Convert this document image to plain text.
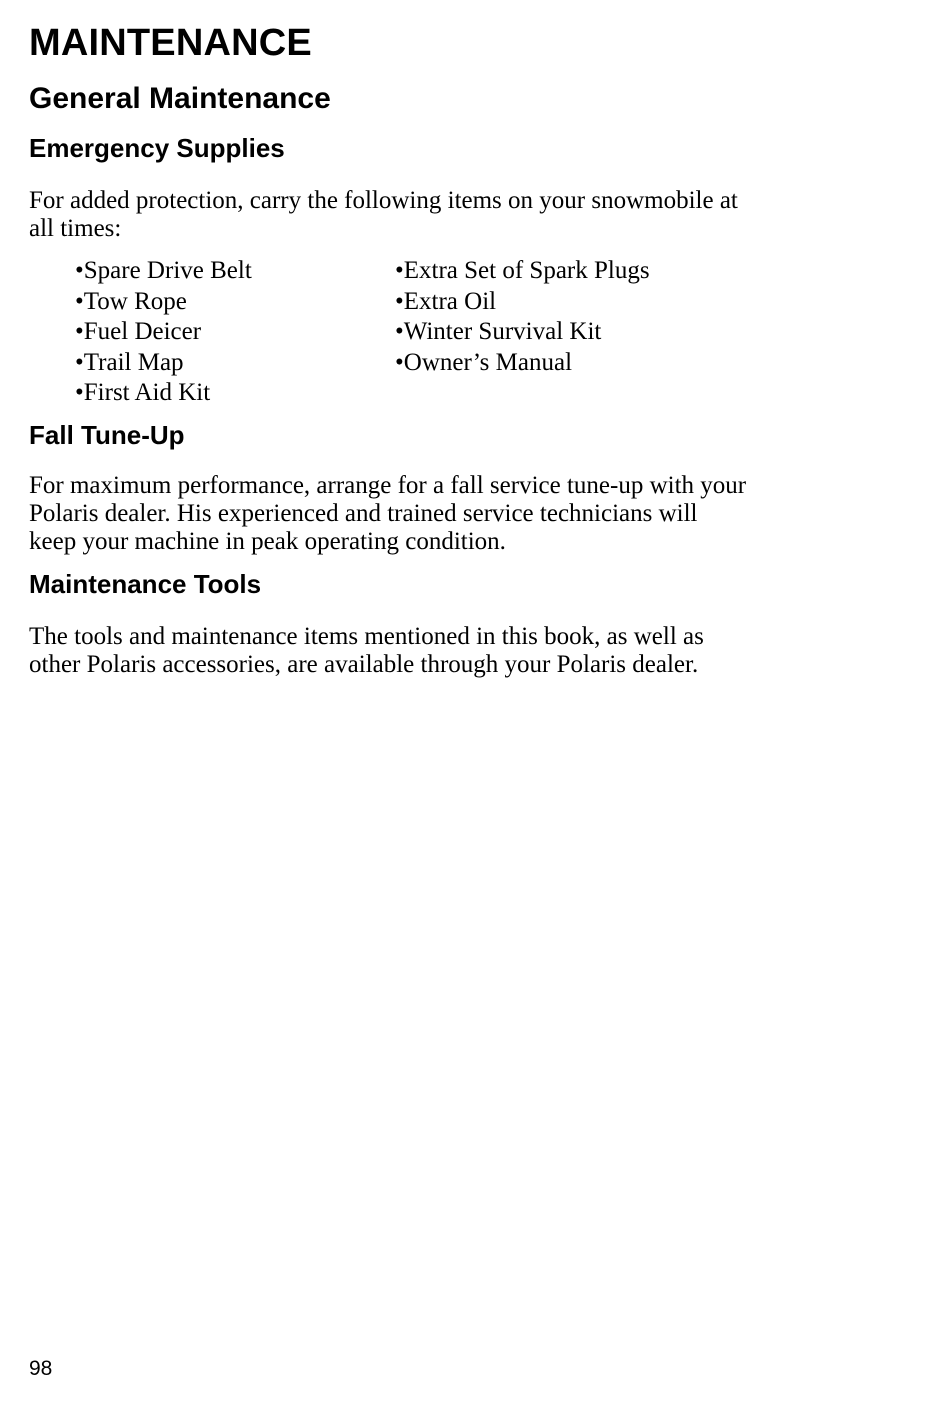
MAINTENANCE
General Maintenance
Emergency Supplies

For added protection, carry the following items on your snowmobile at
all times:

•Spare Drive Belt
•Tow Rope
•Fuel Deicer
•Trail Map
•First Aid Kit
•Extra Set of Spark Plugs
•Extra Oil
•Winter Survival Kit
•Owner’s Manual
Fall Tune-Up

For maximum performance, arrange for a fall service tune-up with your
Polaris dealer. His experienced and trained service technicians will
keep your machine in peak operating condition.

Maintenance Tools

The tools and maintenance items mentioned in this book, as well as
other Polaris accessories, are available through your Polaris dealer.

98
